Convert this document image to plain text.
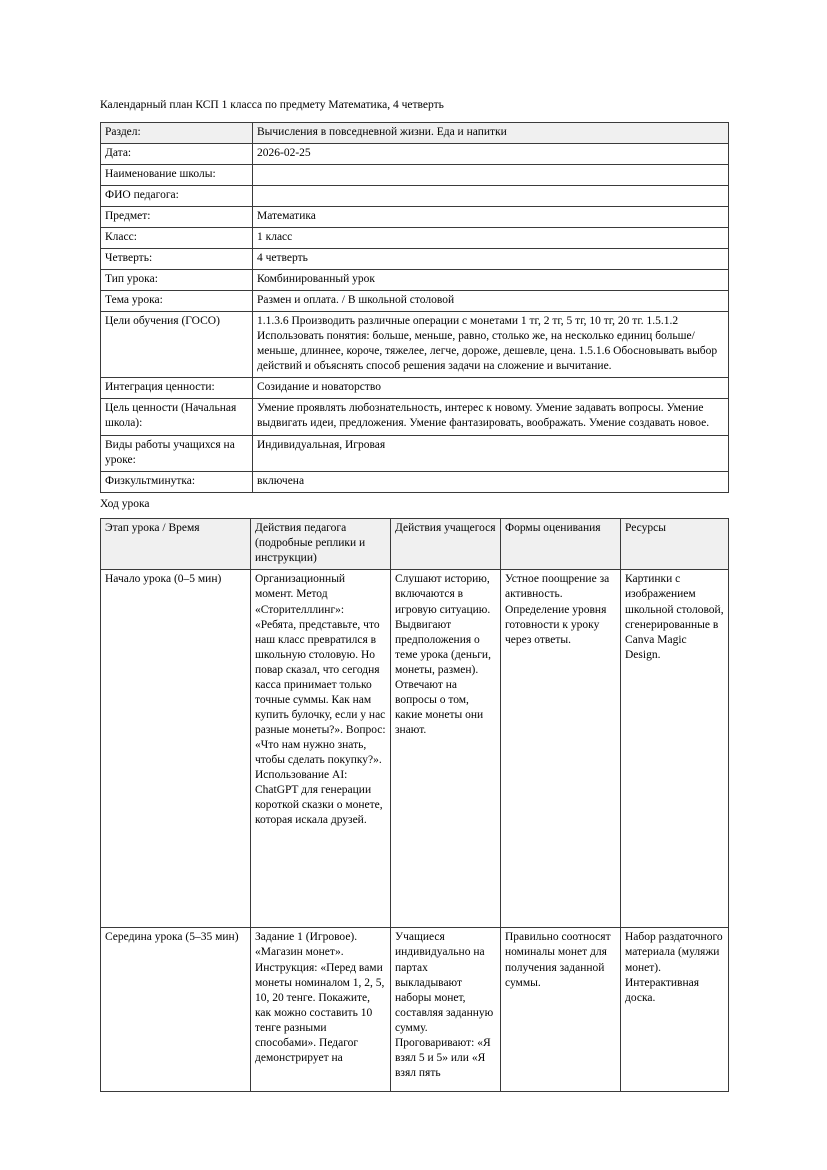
Календарный план КСП 1 класса по предмету Математика, 4 четверть

Раздел:	Вычисления в повседневной жизни. Еда и напитки
Дата:	2026-02-25
Наименование школы:	
ФИО педагога:	
Предмет:	Математика
Класс:	1 класс
Четверть:	4 четверть
Тип урока:	Комбинированный урок
Тема урока:	Размен и оплата. / В школьной столовой
Цели обучения (ГОСО)	1.1.3.6 Производить различные операции с монетами 1 тг, 2 тг, 5 тг, 10 тг, 20 тг. 1.5.1.2 Использовать понятия: больше, меньше, равно, столько же, на несколько единиц больше/меньше, длиннее, короче, тяжелее, легче, дороже, дешевле, цена. 1.5.1.6 Обосновывать выбор действий и объяснять способ решения задачи на сложение и вычитание.
Интеграция ценности:	Созидание и новаторство
Цель ценности (Начальная школа):	Умение проявлять любознательность, интерес к новому. Умение задавать вопросы. Умение выдвигать идеи, предложения. Умение фантазировать, воображать. Умение создавать новое.
Виды работы учащихся на уроке:	Индивидуальная, Игровая
Физкультминутка:	включена

Ход урока

Этап урока / Время	Действия педагога (подробные реплики и инструкции)	Действия учащегося	Формы оценивания	Ресурсы
Начало урока (0–5 мин)	Организационный момент. Метод «Сторителллинг»: «Ребята, представьте, что наш класс превратился в школьную столовую. Но повар сказал, что сегодня касса принимает только точные суммы. Как нам купить булочку, если у нас разные монеты?». Вопрос: «Что нам нужно знать, чтобы сделать покупку?». Использование AI: ChatGPT для генерации короткой сказки о монете, которая искала друзей.	Слушают историю, включаются в игровую ситуацию. Выдвигают предположения о теме урока (деньги, монеты, размен). Отвечают на вопросы о том, какие монеты они знают.	Устное поощрение за активность. Определение уровня готовности к уроку через ответы.	Картинки с изображением школьной столовой, сгенерированные в Canva Magic Design.
Середина урока (5–35 мин)	Задание 1 (Игровое). «Магазин монет». Инструкция: «Перед вами монеты номиналом 1, 2, 5, 10, 20 тенге. Покажите, как можно составить 10 тенге разными способами». Педагог демонстрирует на	Учащиеся индивидуально на партах выкладывают наборы монет, составляя заданную сумму. Проговаривают: «Я взял 5 и 5» или «Я взял пять	Правильно соотносят номиналы монет для получения заданной суммы.	Набор раздаточного материала (муляжи монет). Интерактивная доска.
